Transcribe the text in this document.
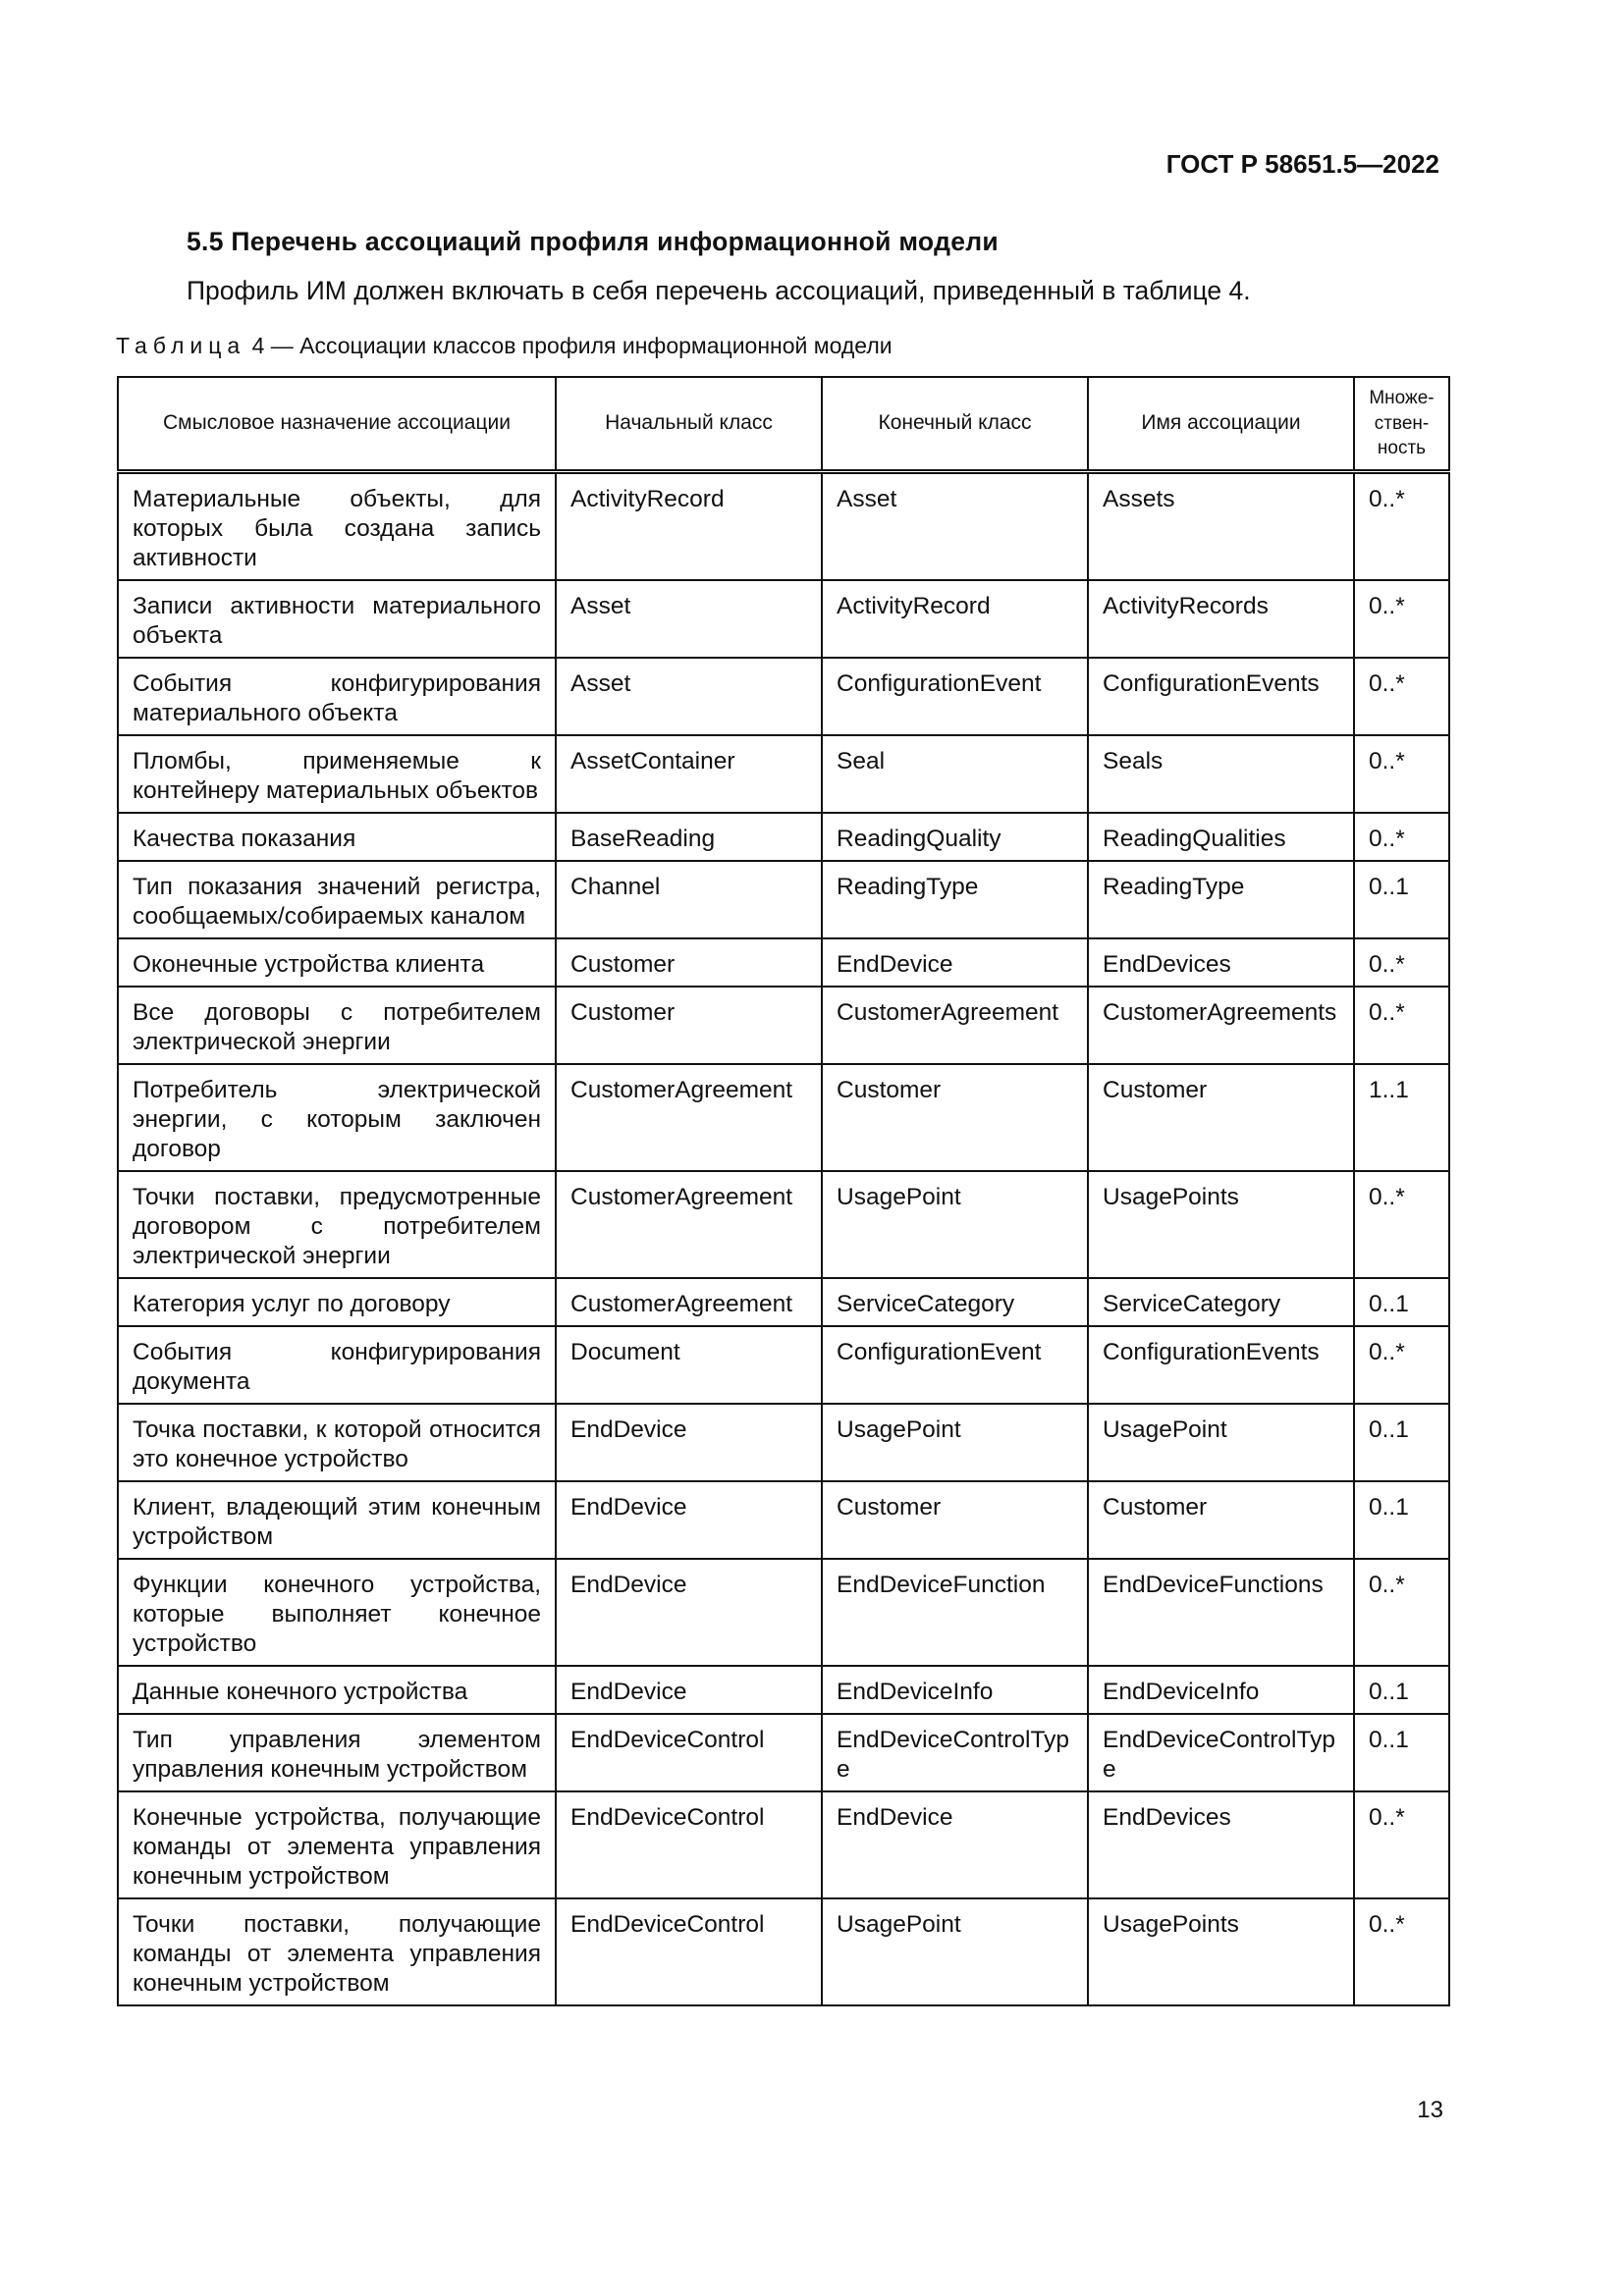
ГОСТ Р 58651.5—2022
5.5 Перечень ассоциаций профиля информационной модели
Профиль ИМ должен включать в себя перечень ассоциаций, приведенный в таблице 4.
Таблица 4 — Ассоциации классов профиля информационной модели
Смысловое назначение ассоциации	Начальный класс	Конечный класс	Имя ассоциации	Множе-ствен-ность
Материальные объекты, для которых была создана запись активности	ActivityRecord	Asset	Assets	0..*
Записи активности материального объекта	Asset	ActivityRecord	ActivityRecords	0..*
События конфигурирования материального объекта	Asset	ConfigurationEvent	ConfigurationEvents	0..*
Пломбы, применяемые к контейнеру материальных объектов	AssetContainer	Seal	Seals	0..*
Качества показания	BaseReading	ReadingQuality	ReadingQualities	0..*
Тип показания значений регистра, сообщаемых/собираемых каналом	Channel	ReadingType	ReadingType	0..1
Оконечные устройства клиента	Customer	EndDevice	EndDevices	0..*
Все договоры с потребителем электрической энергии	Customer	CustomerAgreement	CustomerAgreements	0..*
Потребитель электрической энергии, с которым заключен договор	CustomerAgreement	Customer	Customer	1..1
Точки поставки, предусмотренные договором с потребителем электрической энергии	CustomerAgreement	UsagePoint	UsagePoints	0..*
Категория услуг по договору	CustomerAgreement	ServiceCategory	ServiceCategory	0..1
События конфигурирования документа	Document	ConfigurationEvent	ConfigurationEvents	0..*
Точка поставки, к которой относится это конечное устройство	EndDevice	UsagePoint	UsagePoint	0..1
Клиент, владеющий этим конечным устройством	EndDevice	Customer	Customer	0..1
Функции конечного устройства, которые выполняет конечное устройство	EndDevice	EndDeviceFunction	EndDeviceFunctions	0..*
Данные конечного устройства	EndDevice	EndDeviceInfo	EndDeviceInfo	0..1
Тип управления элементом управления конечным устройством	EndDeviceControl	EndDeviceControlType	EndDeviceControlType	0..1
Конечные устройства, получающие команды от элемента управления конечным устройством	EndDeviceControl	EndDevice	EndDevices	0..*
Точки поставки, получающие команды от элемента управления конечным устройством	EndDeviceControl	UsagePoint	UsagePoints	0..*
13
